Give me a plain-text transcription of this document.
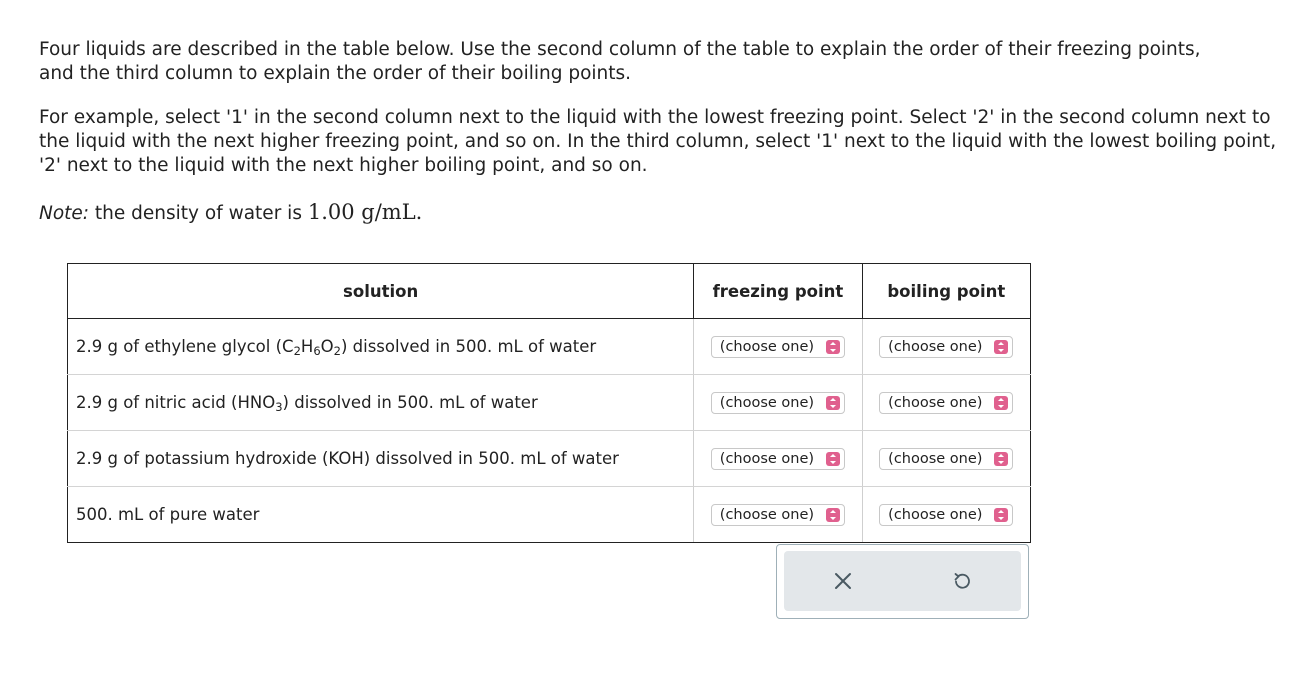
Four liquids are described in the table below. Use the second column of the table to explain the order of their freezing points, and the third column to explain the order of their boiling points.

For example, select '1' in the second column next to the liquid with the lowest freezing point. Select '2' in the second column next to the liquid with the next higher freezing point, and so on. In the third column, select '1' next to the liquid with the lowest boiling point, '2' next to the liquid with the next higher boiling point, and so on.

Note: the density of water is 1.00 g/mL.

solution	freezing point	boiling point
2.9 g of ethylene glycol $(C_2H_6O_2)$ dissolved in 500. mL of water	(choose one)	(choose one)

2.9 g of nitric acid $(HNO_3)$ dissolved in 500. mL of water	(choose one)	(choose one)

2.9 g of potassium hydroxide (KOH) dissolved in 500. mL of water	(choose one)	(choose one)

500. mL of pure water	(choose one)	(choose one)
